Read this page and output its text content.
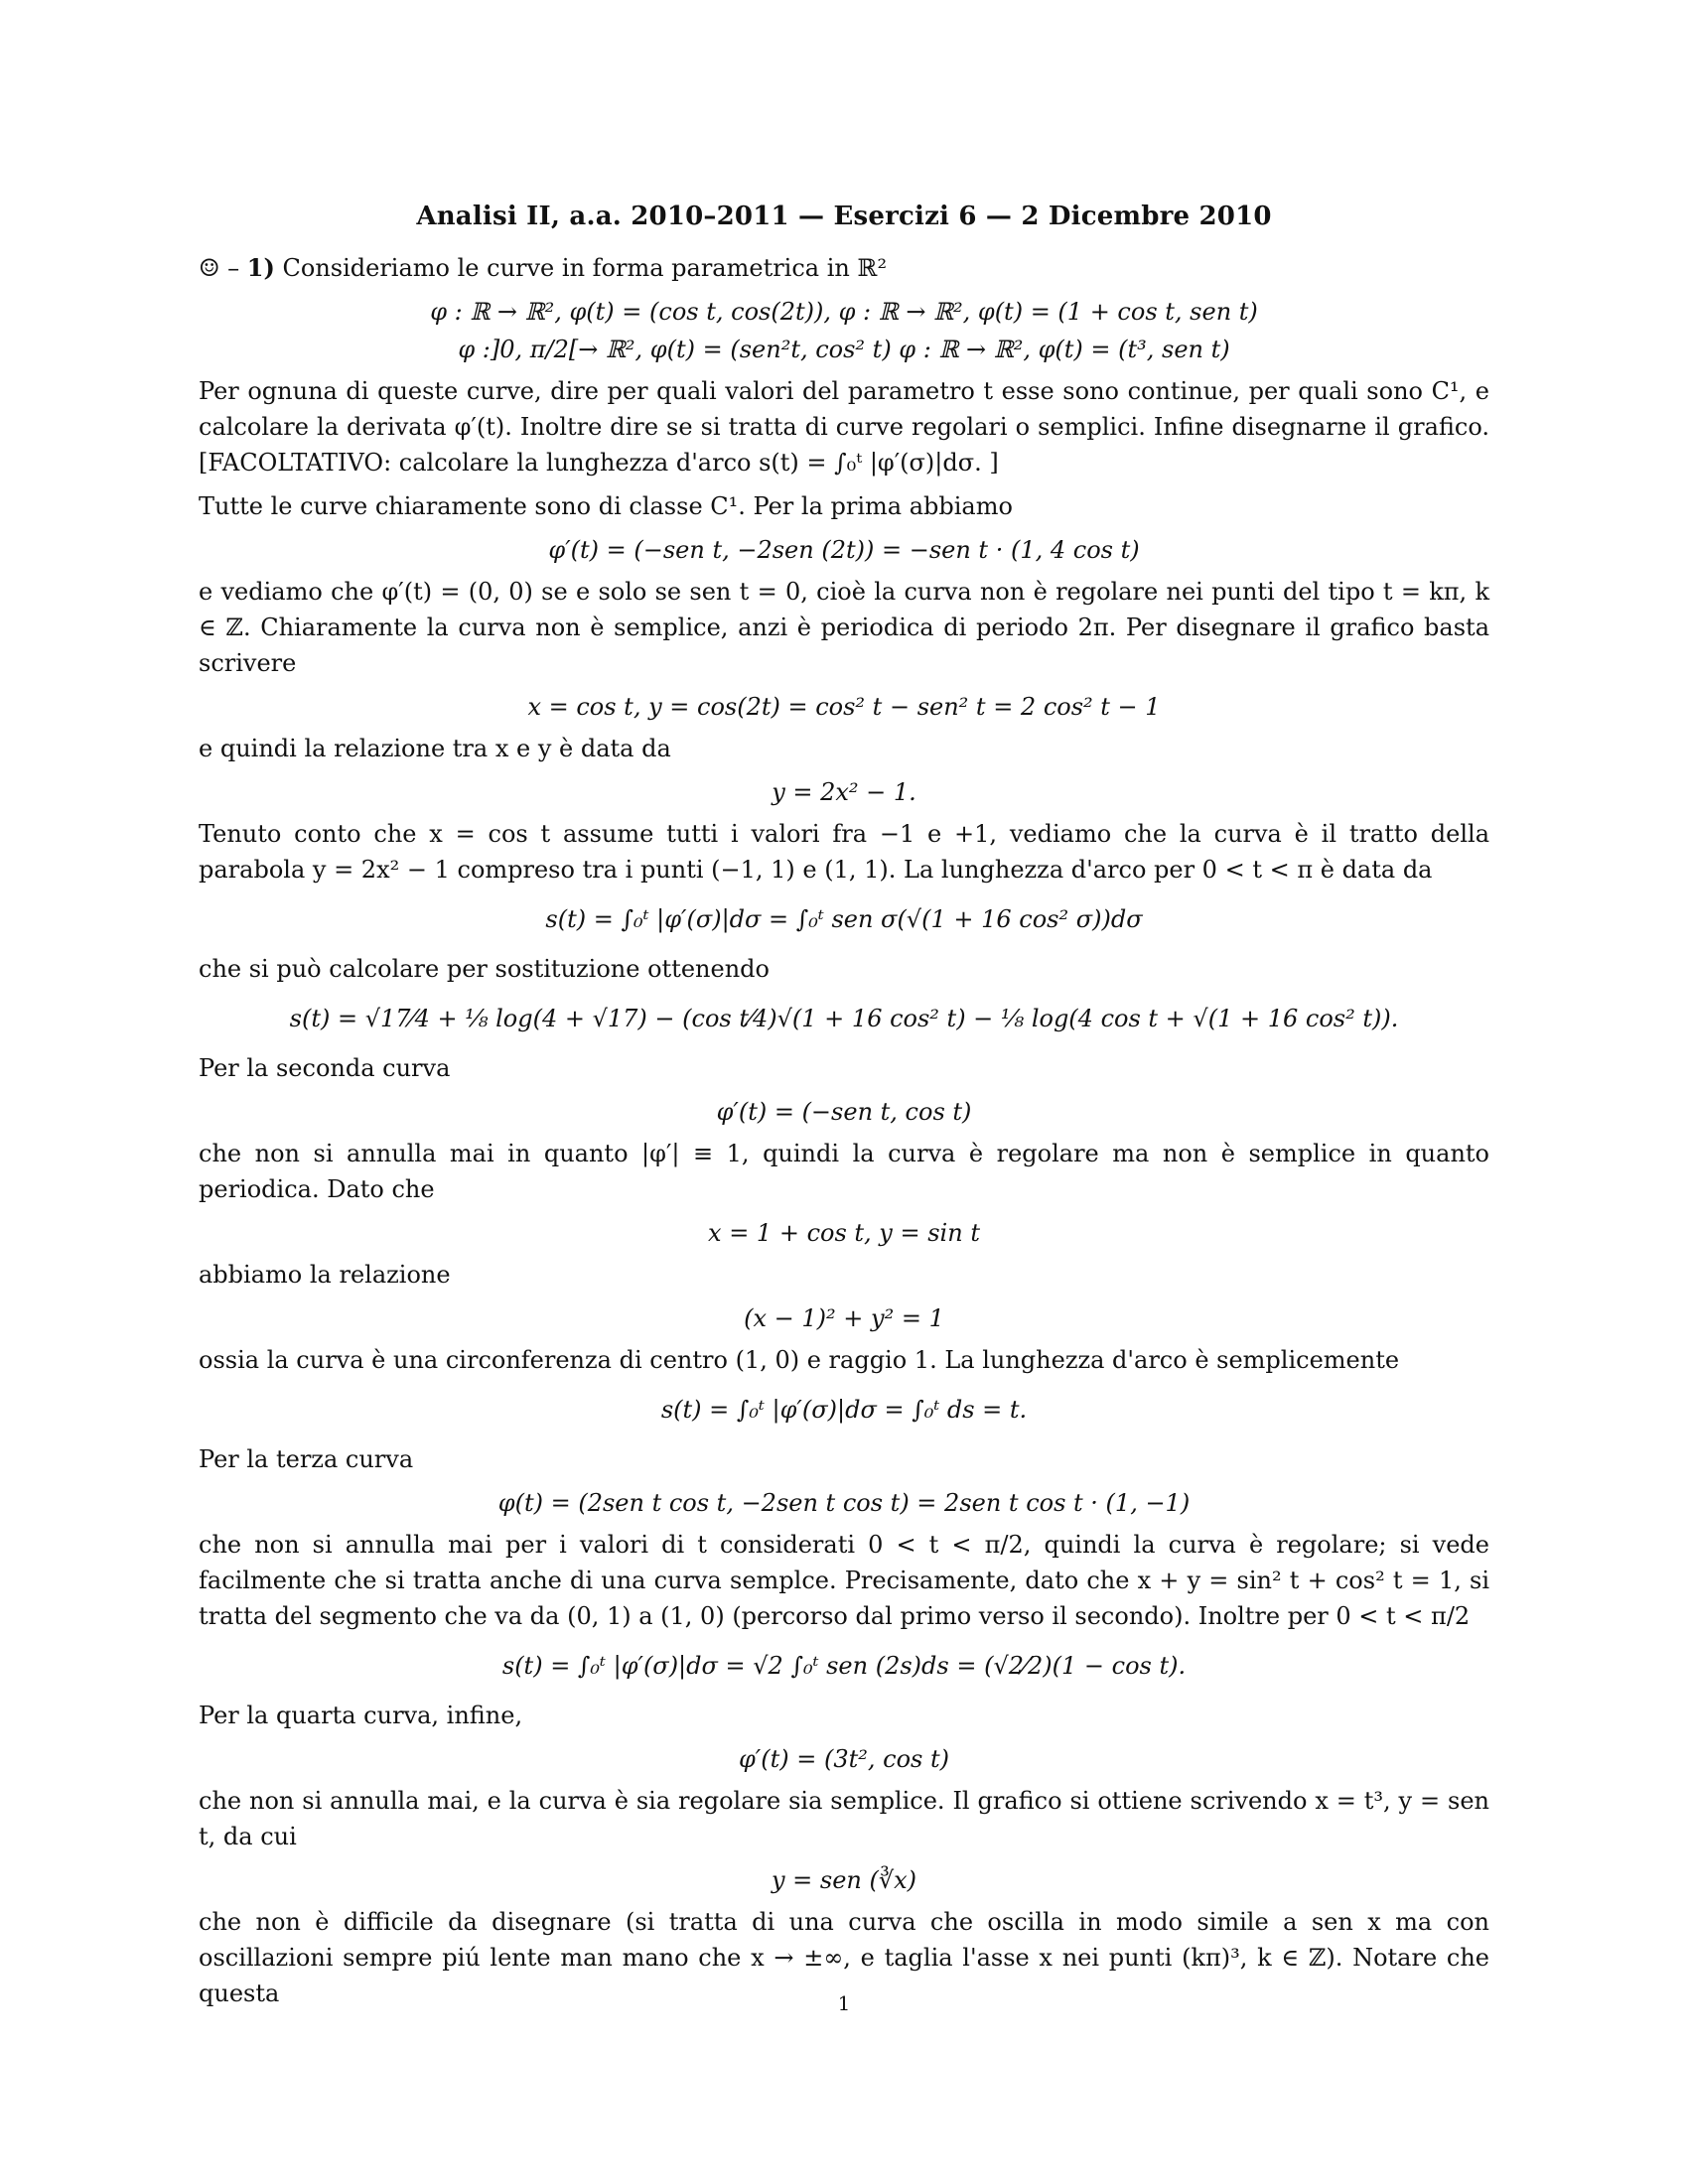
Analisi II, a.a. 2010–2011 — Esercizi 6 — 2 Dicembre 2010

☺ – 1) Consideriamo le curve in forma parametrica in ℝ²

φ : ℝ → ℝ², φ(t) = (cos t, cos(2t)), φ : ℝ → ℝ², φ(t) = (1 + cos t, sen t)
φ :]0, π/2[→ ℝ², φ(t) = (sen²t, cos² t) φ : ℝ → ℝ², φ(t) = (t³, sen t)

Per ognuna di queste curve, dire per quali valori del parametro t esse sono continue, per quali sono C¹, e calcolare la derivata φ′(t). Inoltre dire se si tratta di curve regolari o semplici. Infine disegnarne il grafico. [FACOLTATIVO: calcolare la lunghezza d'arco s(t) = ∫₀ᵗ |φ′(σ)|dσ. ]

Tutte le curve chiaramente sono di classe C¹. Per la prima abbiamo

φ′(t) = (−sen t, −2sen (2t)) = −sen t · (1, 4 cos t)

e vediamo che φ′(t) = (0, 0) se e solo se sen t = 0, cioè la curva non è regolare nei punti del tipo t = kπ, k ∈ ℤ. Chiaramente la curva non è semplice, anzi è periodica di periodo 2π. Per disegnare il grafico basta scrivere

x = cos t, y = cos(2t) = cos² t − sen² t = 2 cos² t − 1

e quindi la relazione tra x e y è data da

y = 2x² − 1.

Tenuto conto che x = cos t assume tutti i valori fra −1 e +1, vediamo che la curva è il tratto della parabola y = 2x² − 1 compreso tra i punti (−1, 1) e (1, 1). La lunghezza d'arco per 0 < t < π è data da

s(t) = ∫₀ᵗ |φ′(σ)|dσ = ∫₀ᵗ sen σ(√(1 + 16 cos² σ))dσ

che si può calcolare per sostituzione ottenendo

s(t) = √17⁄4 + ⅛ log(4 + √17) − (cos t⁄4)√(1 + 16 cos² t) − ⅛ log(4 cos t + √(1 + 16 cos² t)).

Per la seconda curva

φ′(t) = (−sen t, cos t)

che non si annulla mai in quanto |φ′| ≡ 1, quindi la curva è regolare ma non è semplice in quanto periodica. Dato che

x = 1 + cos t, y = sin t

abbiamo la relazione

(x − 1)² + y² = 1

ossia la curva è una circonferenza di centro (1, 0) e raggio 1. La lunghezza d'arco è semplicemente

s(t) = ∫₀ᵗ |φ′(σ)|dσ = ∫₀ᵗ ds = t.

Per la terza curva

φ(t) = (2sen t cos t, −2sen t cos t) = 2sen t cos t · (1, −1)

che non si annulla mai per i valori di t considerati 0 < t < π/2, quindi la curva è regolare; si vede facilmente che si tratta anche di una curva semplce. Precisamente, dato che x + y = sin² t + cos² t = 1, si tratta del segmento che va da (0, 1) a (1, 0) (percorso dal primo verso il secondo). Inoltre per 0 < t < π/2

s(t) = ∫₀ᵗ |φ′(σ)|dσ = √2 ∫₀ᵗ sen (2s)ds = (√2⁄2)(1 − cos t).

Per la quarta curva, infine,

φ′(t) = (3t², cos t)

che non si annulla mai, e la curva è sia regolare sia semplice. Il grafico si ottiene scrivendo x = t³, y = sen t, da cui

y = sen (∛x)

che non è difficile da disegnare (si tratta di una curva che oscilla in modo simile a sen x ma con oscillazioni sempre piú lente man mano che x → ±∞, e taglia l'asse x nei punti (kπ)³, k ∈ ℤ). Notare che questa	1
